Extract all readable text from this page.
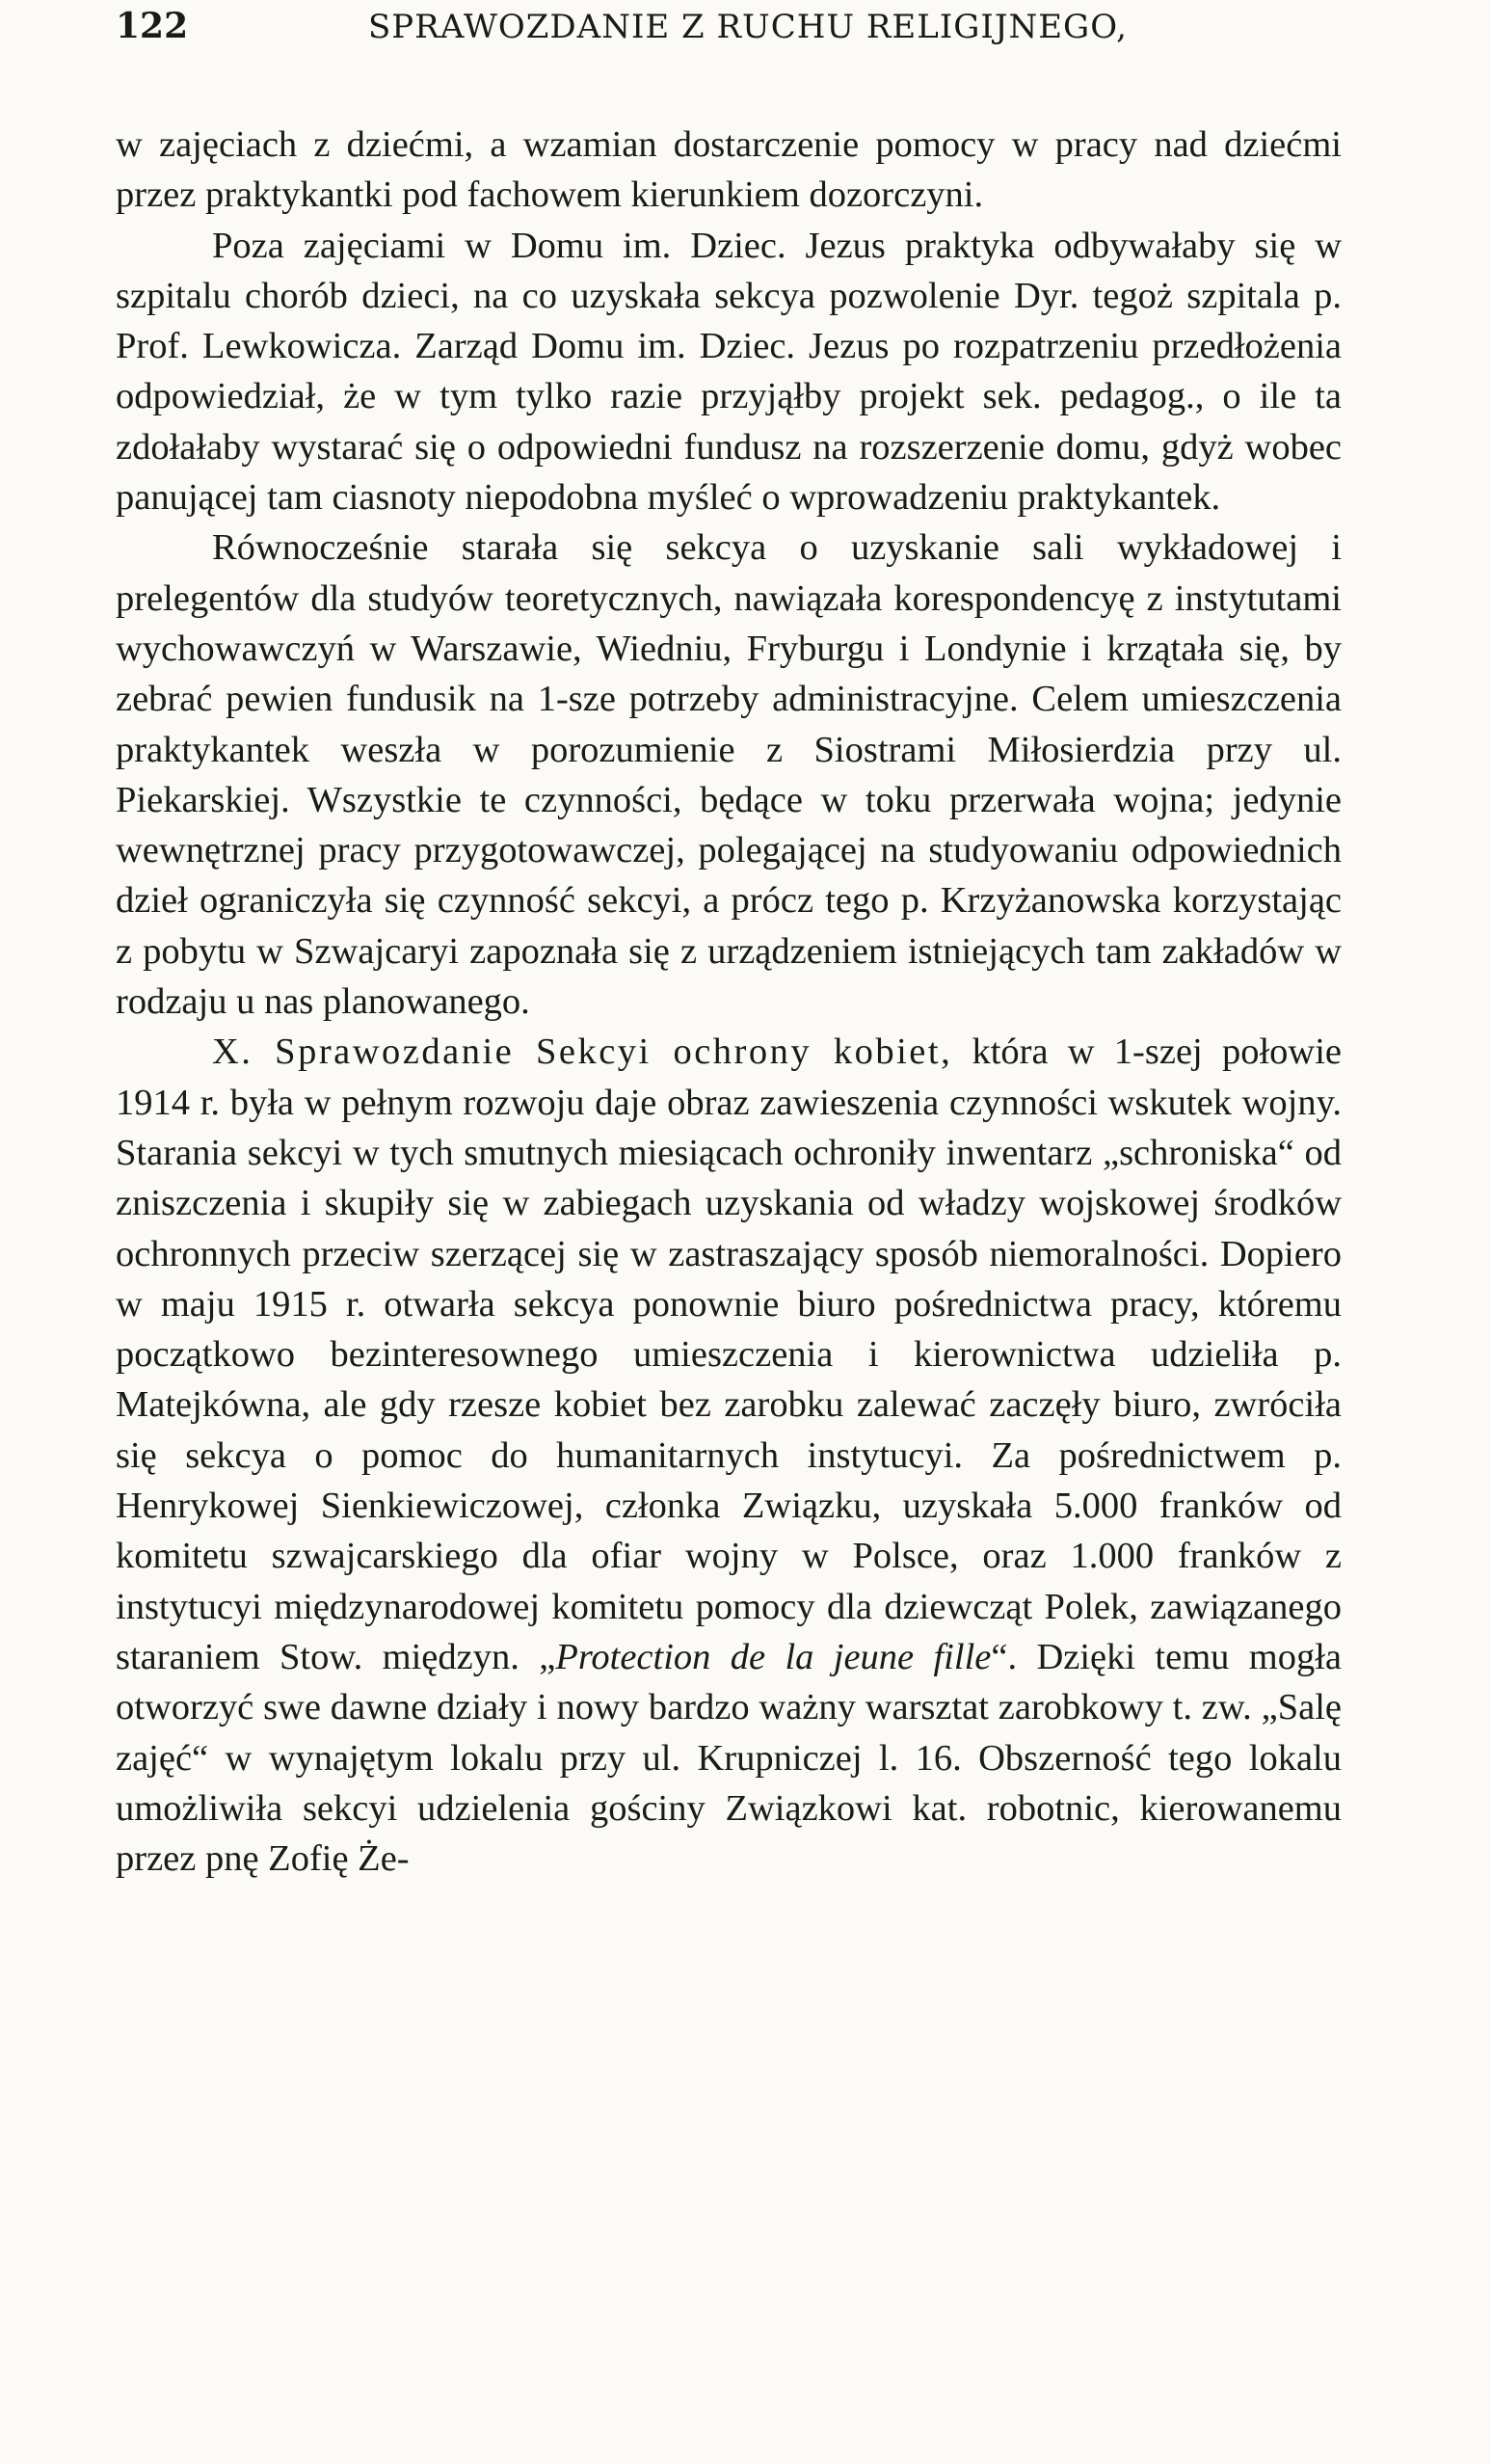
122	SPRAWOZDANIE Z RUCHU RELIGIJNEGO,

w zajęciach z dziećmi, a wzamian dostarczenie pomocy w pracy nad dziećmi przez praktykantki pod fachowem kierunkiem dozorczyni.

Poza zajęciami w Domu im. Dziec. Jezus praktyka odbywałaby się w szpitalu chorób dzieci, na co uzyskała sekcya pozwolenie Dyr. tegoż szpitala p. Prof. Lewkowicza. Zarząd Domu im. Dziec. Jezus po rozpatrzeniu przedłożenia odpowiedział, że w tym tylko razie przyjąłby projekt sek. pedagog., o ile ta zdołałaby wystarać się o odpowiedni fundusz na rozszerzenie domu, gdyż wobec panującej tam ciasnoty niepodobna myśleć o wprowadzeniu praktykantek.

Równocześnie starała się sekcya o uzyskanie sali wykładowej i prelegentów dla studyów teoretycznych, nawiązała korespondencyę z instytutami wychowawczyń w Warszawie, Wiedniu, Fryburgu i Londynie i krzątała się, by zebrać pewien fundusik na 1-sze potrzeby administracyjne. Celem umieszczenia praktykantek weszła w porozumienie z Siostrami Miłosierdzia przy ul. Piekarskiej. Wszystkie te czynności, będące w toku przerwała wojna; jedynie wewnętrznej pracy przygotowawczej, polegającej na studyowaniu odpowiednich dzieł ograniczyła się czynność sekcyi, a prócz tego p. Krzyżanowska korzystając z pobytu w Szwajcaryi zapoznała się z urządzeniem istniejących tam zakładów w rodzaju u nas planowanego.

X. Sprawozdanie Sekcyi ochrony kobiet, która w 1-szej połowie 1914 r. była w pełnym rozwoju daje obraz zawieszenia czynności wskutek wojny. Starania sekcyi w tych smutnych miesiącach ochroniły inwentarz „schroniska“ od zniszczenia i skupiły się w zabiegach uzyskania od władzy wojskowej środków ochronnych przeciw szerzącej się w zastraszający sposób niemoralności. Dopiero w maju 1915 r. otwarła sekcya ponownie biuro pośrednictwa pracy, któremu początkowo bezinteresownego umieszczenia i kierownictwa udzieliła p. Matejkówna, ale gdy rzesze kobiet bez zarobku zalewać zaczęły biuro, zwróciła się sekcya o pomoc do humanitarnych instytucyi. Za pośrednictwem p. Henrykowej Sienkiewiczowej, członka Związku, uzyskała 5.000 franków od komitetu szwajcarskiego dla ofiar wojny w Polsce, oraz 1.000 franków z instytucyi międzynarodowej komitetu pomocy dla dziewcząt Polek, zawiązanego staraniem Stow. międzyn. „Protection de la jeune fille“. Dzięki temu mogła otworzyć swe dawne działy i nowy bardzo ważny warsztat zarobkowy t. zw. „Salę zajęć“ w wynajętym lokalu przy ul. Krupniczej l. 16. Obszerność tego lokalu umożliwiła sekcyi udzielenia gościny Związkowi kat. robotnic, kierowanemu przez pnę Zofię Że-
